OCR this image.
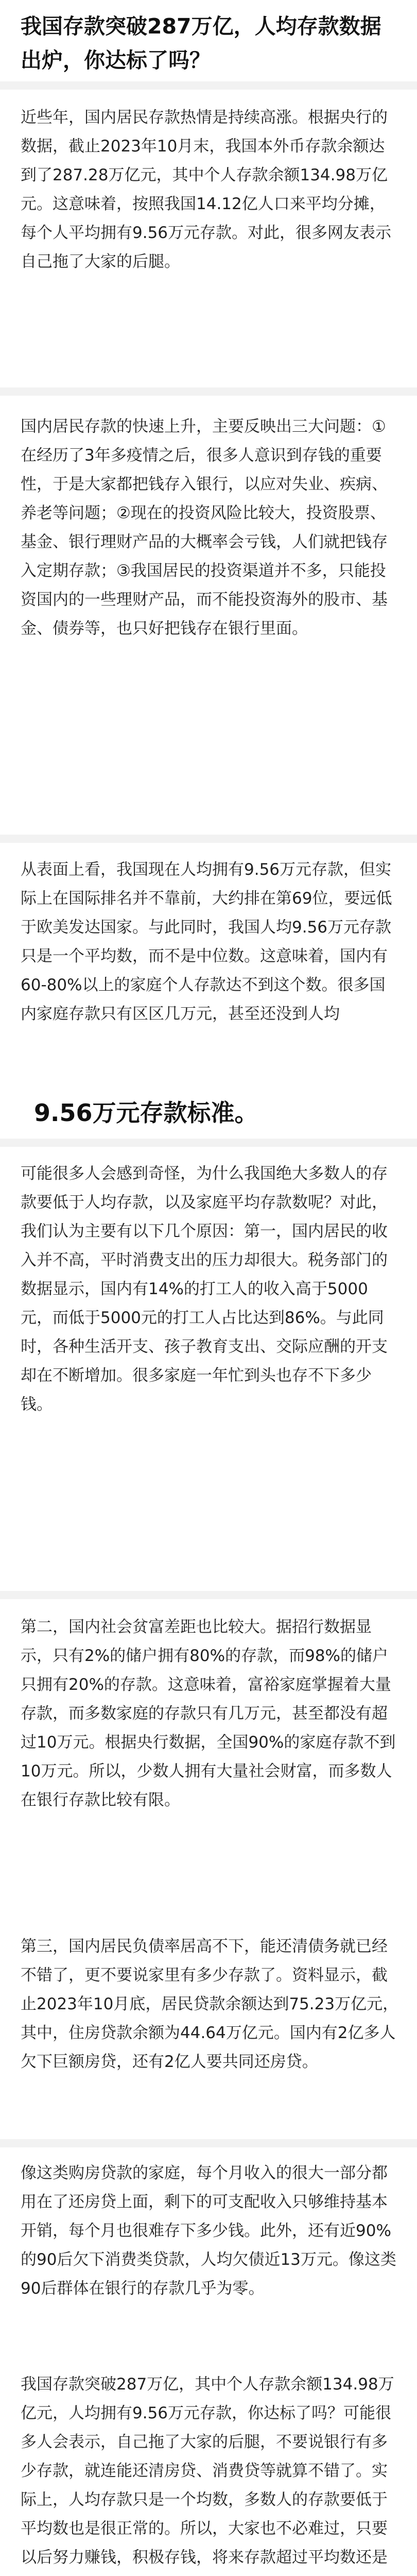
我国存款突破287万亿，人均存款数据出炉，你达标了吗？

近些年，国内居民存款热情是持续高涨。根据央行的数据，截止2023年10月末，我国本外币存款余额达到了287.28万亿元，其中个人存款余额134.98万亿元。这意味着，按照我国14.12亿人口来平均分摊，每个人平均拥有9.56万元存款。对此，很多网友表示自己拖了大家的后腿。

国内居民存款的快速上升，主要反映出三大问题：①在经历了3年多疫情之后，很多人意识到存钱的重要性，于是大家都把钱存入银行，以应对失业、疾病、养老等问题；②现在的投资风险比较大，投资股票、基金、银行理财产品的大概率会亏钱，人们就把钱存入定期存款；③我国居民的投资渠道并不多，只能投资国内的一些理财产品，而不能投资海外的股市、基金、债券等，也只好把钱存在银行里面。

从表面上看，我国现在人均拥有9.56万元存款，但实际上在国际排名并不靠前，大约排在第69位，要远低于欧美发达国家。与此同时，我国人均9.56万元存款只是一个平均数，而不是中位数。这意味着，国内有60-80%以上的家庭个人存款达不到这个数。很多国内家庭存款只有区区几万元，甚至还没到人均

9.56万元存款标准。

可能很多人会感到奇怪，为什么我国绝大多数人的存款要低于人均存款，以及家庭平均存款数呢？对此，我们认为主要有以下几个原因：第一，国内居民的收入并不高，平时消费支出的压力却很大。税务部门的数据显示，国内有14%的打工人的收入高于5000元，而低于5000元的打工人占比达到86%。与此同时，各种生活开支、孩子教育支出、交际应酬的开支却在不断增加。很多家庭一年忙到头也存不下多少钱。

第二，国内社会贫富差距也比较大。据招行数据显示，只有2%的储户拥有80%的存款，而98%的储户只拥有20%的存款。这意味着，富裕家庭掌握着大量存款，而多数家庭的存款只有几万元，甚至都没有超过10万元。根据央行数据，全国90%的家庭存款不到10万元。所以，少数人拥有大量社会财富，而多数人在银行存款比较有限。

第三，国内居民负债率居高不下，能还清债务就已经不错了，更不要说家里有多少存款了。资料显示，截止2023年10月底，居民贷款余额达到75.23万亿元，其中，住房贷款余额为44.64万亿元。国内有2亿多人欠下巨额房贷，还有2亿人要共同还房贷。

像这类购房贷款的家庭，每个月收入的很大一部分都用在了还房贷上面，剩下的可支配收入只够维持基本开销，每个月也很难存下多少钱。此外，还有近90%的90后欠下消费类贷款，人均欠债近13万元。像这类90后群体在银行的存款几乎为零。

我国存款突破287万亿，其中个人存款余额134.98万亿元，人均拥有9.56万元存款，你达标了吗？可能很多人会表示，自己拖了大家的后腿，不要说银行有多少存款，就连能还清房贷、消费贷等就算不错了。实际上，人均存款只是一个均数，多数人的存款要低于平均数也是很正常的。所以，大家也不必难过，只要以后努力赚钱，积极存钱，将来存款超过平均数还是
